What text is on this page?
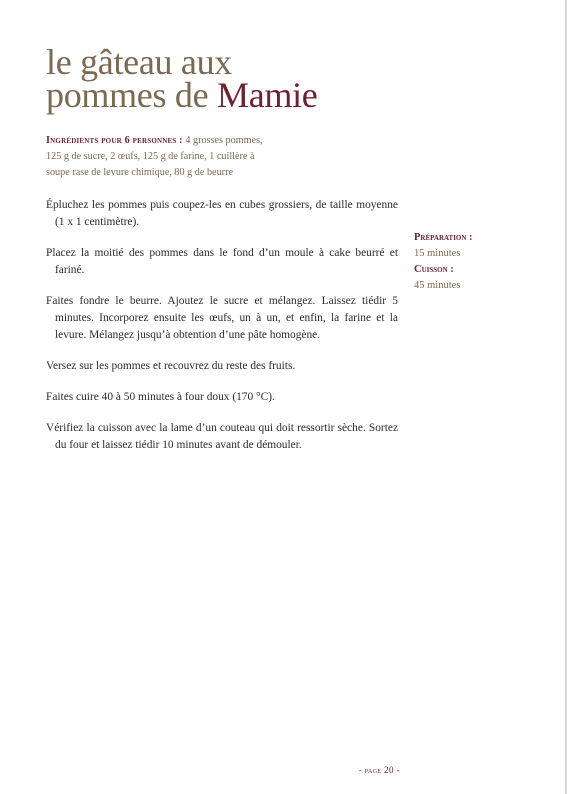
le gâteau aux
pommes de Mamie

Ingrédients pour 6 personnes : 4 grosses pommes,
125 g de sucre, 2 œufs, 125 g de farine, 1 cuillère à
soupe rase de levure chimique, 80 g de beurre

Épluchez les pommes puis coupez-les en cubes grossiers, de taille moyenne (1 x 1 centimètre).

Placez la moitié des pommes dans le fond d’un moule à cake beurré et fariné.

Faites fondre le beurre. Ajoutez le sucre et mélangez. Laissez tiédir 5 minutes. Incorporez ensuite les œufs, un à un, et enfin, la farine et la levure. Mélangez jusqu’à obtention d’une pâte homogène.

Versez sur les pommes et recouvrez du reste des fruits.

Faites cuire 40 à 50 minutes à four doux (170 °C).

Vérifiez la cuisson avec la lame d’un couteau qui doit ressortir sèche. Sortez du four et laissez tiédir 10 minutes avant de démouler.

Préparation :
15 minutes
Cuisson :
45 minutes
- page 20 -
